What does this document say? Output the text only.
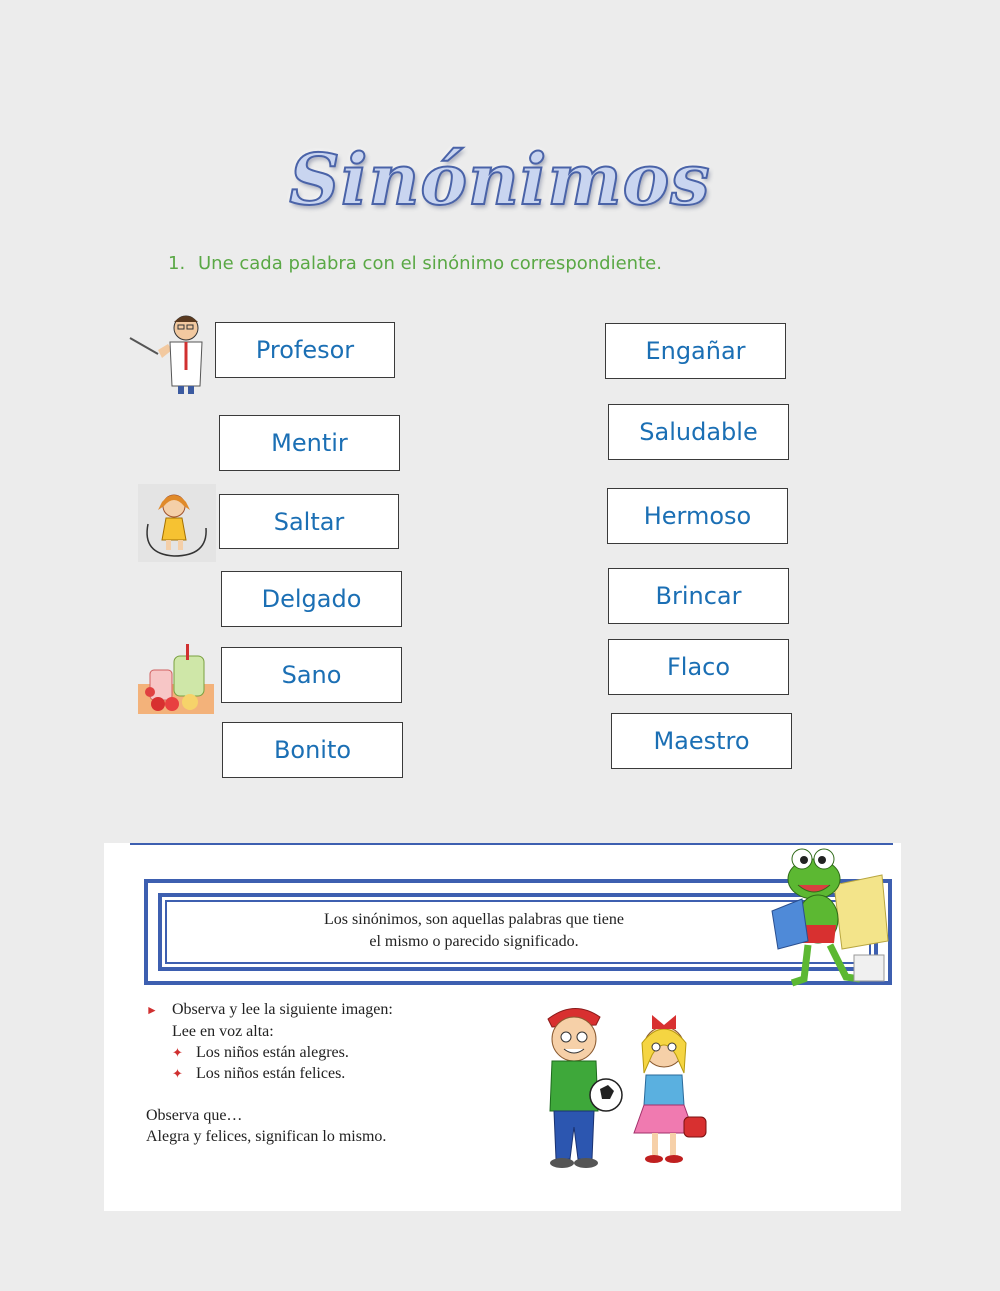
Sinónimos
1. Une cada palabra con el sinónimo correspondiente.
Profesor
Mentir
Saltar
Delgado
Sano
Bonito
Engañar
Saludable
Hermoso
Brincar
Flaco
Maestro
Los sinónimos, son aquellas palabras que tiene
el mismo o parecido significado.
► Observa y lee la siguiente imagen:
Lee en voz alta:
✦ Los niños están alegres.
✦ Los niños están felices.
Observa que…
Alegra y felices, significan lo mismo.
